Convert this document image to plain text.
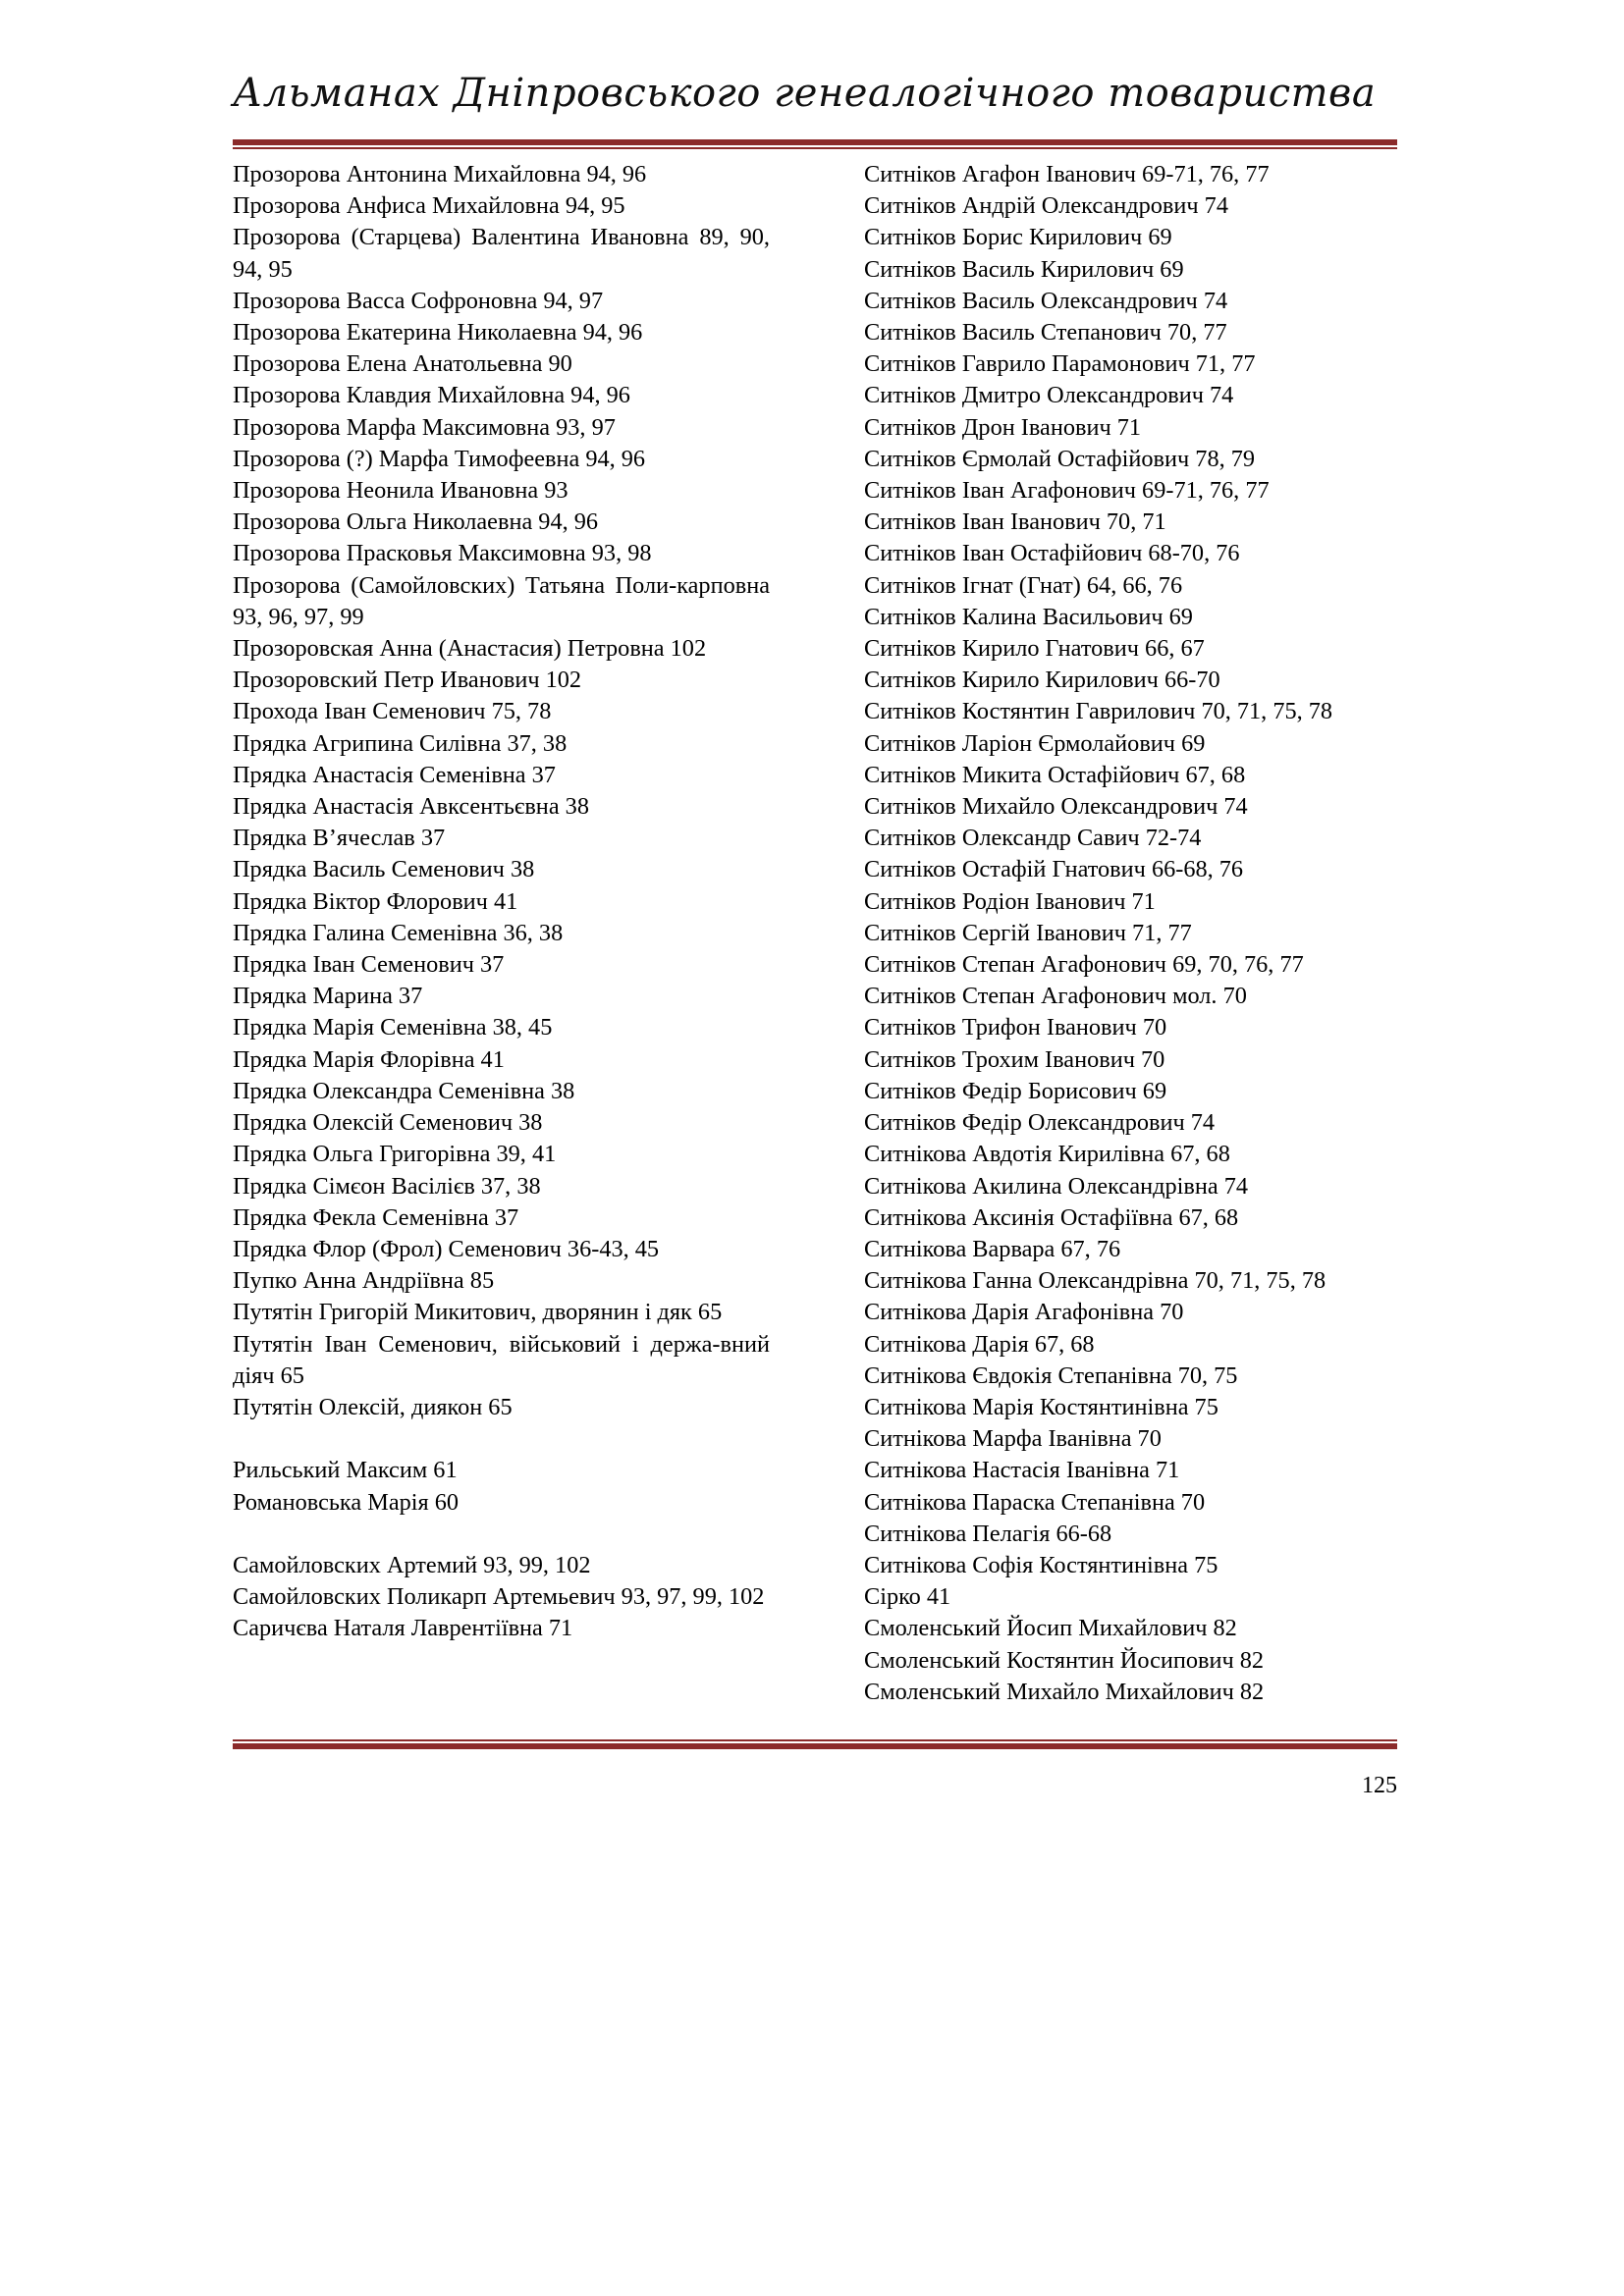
Альманах Дніпровського генеалогічного товариства

Прозорова Антонина Михайловна 94, 96

Прозорова Анфиса Михайловна 94, 95

Прозорова (Старцева) Валентина Ивановна 89, 90, 94, 95

Прозорова Васса Софроновна 94, 97

Прозорова Екатерина Николаевна 94, 96

Прозорова Елена Анатольевна 90

Прозорова Клавдия Михайловна 94, 96

Прозорова Марфа Максимовна 93, 97

Прозорова (?) Марфа Тимофеевна 94, 96

Прозорова Неонила Ивановна 93

Прозорова Ольга Николаевна 94, 96

Прозорова Прасковья Максимовна 93, 98

Прозорова (Самойловских) Татьяна Поли-карповна 93, 96, 97, 99

Прозоровская Анна (Анастасия) Петровна 102

Прозоровский Петр Иванович 102

Прохода Іван Семенович 75, 78

Прядка Агрипина Силівна 37, 38

Прядка Анастасія Семенівна 37

Прядка Анастасія Авксентьєвна 38

Прядка В’ячеслав 37

Прядка Василь Семенович 38

Прядка Віктор Флорович 41

Прядка Галина Семенівна 36, 38

Прядка Іван Семенович 37

Прядка Марина 37

Прядка Марія Семенівна 38, 45

Прядка Марія Флорівна 41

Прядка Олександра Семенівна 38

Прядка Олексій Семенович 38

Прядка Ольга Григорівна 39, 41

Прядка Сімєон Васілієв 37, 38

Прядка Фекла Семенівна 37

Прядка Флор (Фрол) Семенович 36-43, 45

Пупко Анна Андріївна 85

Путятін Григорій Микитович, дворянин і дяк 65

Путятін Іван Семенович, військовий і держа-вний діяч 65

Путятін Олексій, диякон 65

Рильський Максим 61

Романовська Марія 60

Самойловских Артемий 93, 99, 102

Самойловских Поликарп Артемьевич 93, 97, 99, 102

Саричєва Наталя Лаврентіївна 71

Ситніков Агафон Іванович 69-71, 76, 77

Ситніков Андрій Олександрович 74

Ситніков Борис Кирилович 69

Ситніков Василь Кирилович 69

Ситніков Василь Олександрович 74

Ситніков Василь Степанович 70, 77

Ситніков Гаврило Парамонович 71, 77

Ситніков Дмитро Олександрович 74

Ситніков Дрон Іванович 71

Ситніков Єрмолай Остафійович 78, 79

Ситніков Іван Агафонович 69-71, 76, 77

Ситніков Іван Іванович 70, 71

Ситніков Іван Остафійович 68-70, 76

Ситніков Ігнат (Гнат) 64, 66, 76

Ситніков Калина Васильович 69

Ситніков Кирило Гнатович 66, 67

Ситніков Кирило Кирилович 66-70

Ситніков Костянтин Гаврилович 70, 71, 75, 78

Ситніков Ларіон Єрмолайович 69

Ситніков Микита Остафійович 67, 68

Ситніков Михайло Олександрович 74

Ситніков Олександр Савич 72-74

Ситніков Остафій Гнатович 66-68, 76

Ситніков Родіон Іванович 71

Ситніков Сергій Іванович 71, 77

Ситніков Степан Агафонович 69, 70, 76, 77

Ситніков Степан Агафонович мол. 70

Ситніков Трифон Іванович 70

Ситніков Трохим Іванович 70

Ситніков Федір Борисович 69

Ситніков Федір Олександрович 74

Ситнікова Авдотія Кирилівна 67, 68

Ситнікова Акилина Олександрівна 74

Ситнікова Аксинія Остафіївна 67, 68

Ситнікова Варвара 67, 76

Ситнікова Ганна Олександрівна 70, 71, 75, 78

Ситнікова Дарія Агафонівна 70

Ситнікова Дарія 67, 68

Ситнікова Євдокія Степанівна 70, 75

Ситнікова Марія Костянтинівна 75

Ситнікова Марфа Іванівна 70

Ситнікова Настасія Іванівна 71

Ситнікова Параска Степанівна 70

Ситнікова Пелагія 66-68

Ситнікова Софія Костянтинівна 75

Сірко 41

Смоленський Йосип Михайлович 82

Смоленський Костянтин Йосипович 82

Смоленський Михайло Михайлович 82

125
